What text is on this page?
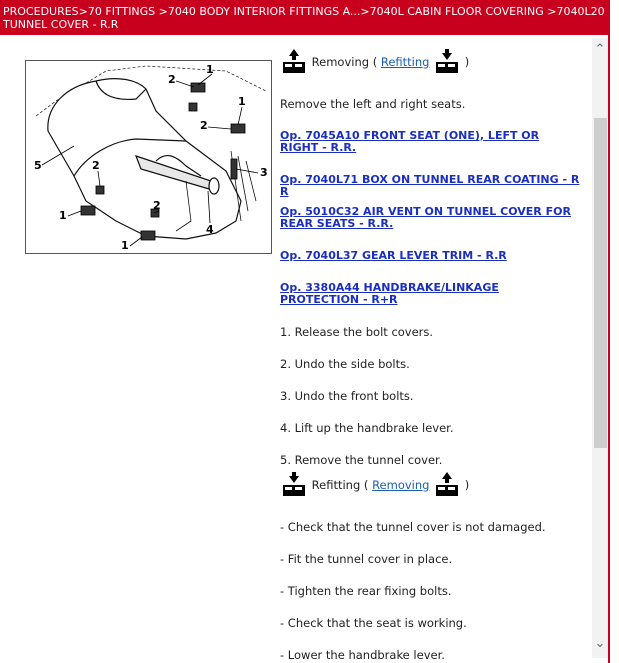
PROCEDURES>70 FITTINGS >7040 BODY INTERIOR FITTINGS A...>7040L CABIN FLOOR COVERING >7040L20 TUNNEL COVER - R.R
⌃
⌄
1
2
1
2
5	2
3
1
2
4
1
Removing ( Refitting	)
Remove the left and right seats.
Op. 7045A10 FRONT SEAT (ONE), LEFT OR RIGHT - R.R.
Op. 7040L71 BOX ON TUNNEL REAR COATING - R R
Op. 5010C32 AIR VENT ON TUNNEL COVER FOR REAR SEATS - R.R.
Op. 7040L37 GEAR LEVER TRIM - R.R
Op. 3380A44 HANDBRAKE/LINKAGE PROTECTION - R+R
1. Release the bolt covers.
2. Undo the side bolts.
3. Undo the front bolts.
4. Lift up the handbrake lever.
5. Remove the tunnel cover.
Refitting ( Removing	)
- Check that the tunnel cover is not damaged.
- Fit the tunnel cover in place.
- Tighten the rear fixing bolts.
- Check that the seat is working.
- Lower the handbrake lever.
